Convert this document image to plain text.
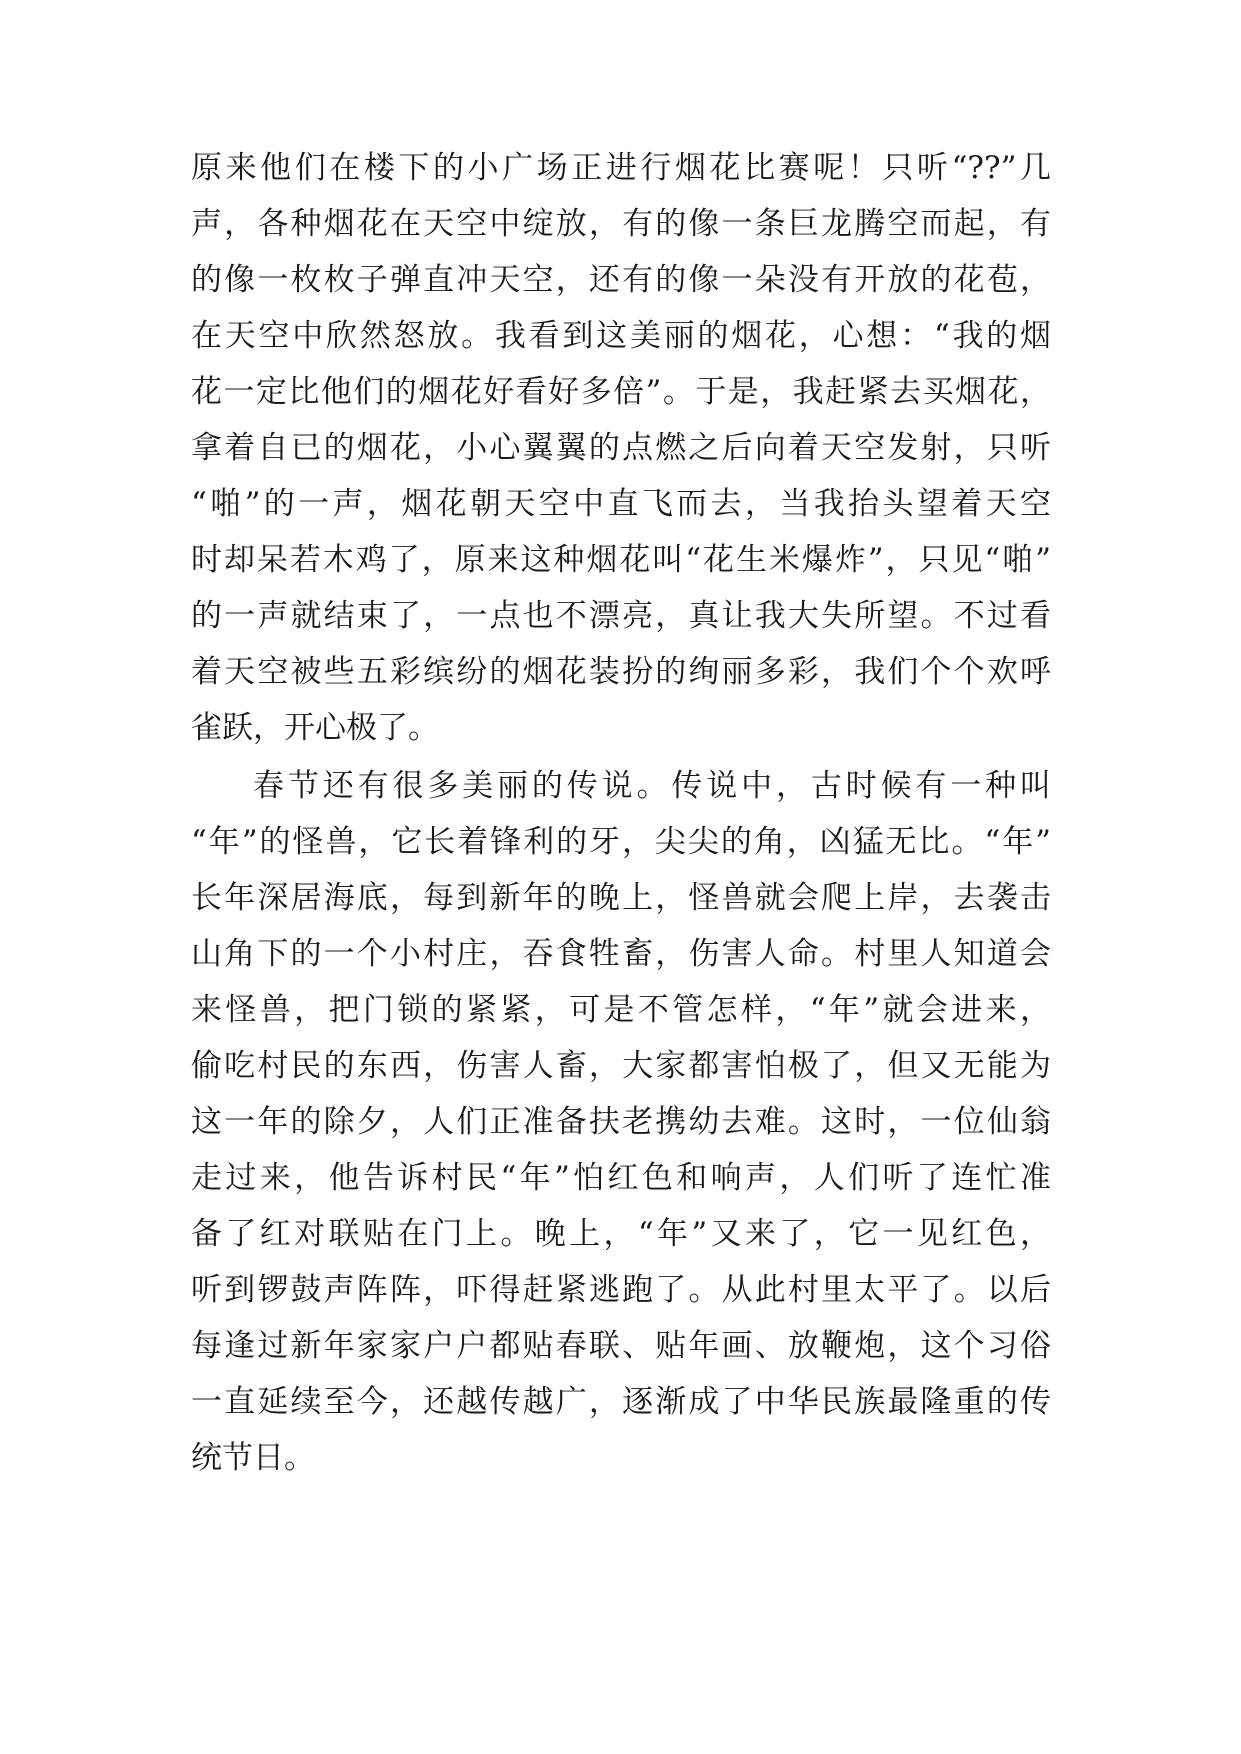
原来他们在楼下的小广场正进行烟花比赛呢！只听“??”几
声，各种烟花在天空中绽放，有的像一条巨龙腾空而起，有
的像一枚枚子弹直冲天空，还有的像一朵没有开放的花苞，
在天空中欣然怒放。我看到这美丽的烟花，心想：“我的烟
花一定比他们的烟花好看好多倍”。于是，我赶紧去买烟花，
拿着自已的烟花，小心翼翼的点燃之后向着天空发射，只听
“啪”的一声，烟花朝天空中直飞而去，当我抬头望着天空
时却呆若木鸡了，原来这种烟花叫“花生米爆炸”，只见“啪”
的一声就结束了，一点也不漂亮，真让我大失所望。不过看
着天空被些五彩缤纷的烟花装扮的绚丽多彩，我们个个欢呼
雀跃，开心极了。
春节还有很多美丽的传说。传说中，古时候有一种叫
“年”的怪兽，它长着锋利的牙，尖尖的角，凶猛无比。“年”
长年深居海底，每到新年的晚上，怪兽就会爬上岸，去袭击
山角下的一个小村庄，吞食牲畜，伤害人命。村里人知道会
来怪兽，把门锁的紧紧，可是不管怎样，“年”就会进来，
偷吃村民的东西，伤害人畜，大家都害怕极了，但又无能为
这一年的除夕，人们正准备扶老携幼去难。这时，一位仙翁
走过来，他告诉村民“年”怕红色和响声，人们听了连忙准
备了红对联贴在门上。晚上，“年”又来了，它一见红色，
听到锣鼓声阵阵，吓得赶紧逃跑了。从此村里太平了。以后
每逢过新年家家户户都贴春联、贴年画、放鞭炮，这个习俗
一直延续至今，还越传越广，逐渐成了中华民族最隆重的传
统节日。
